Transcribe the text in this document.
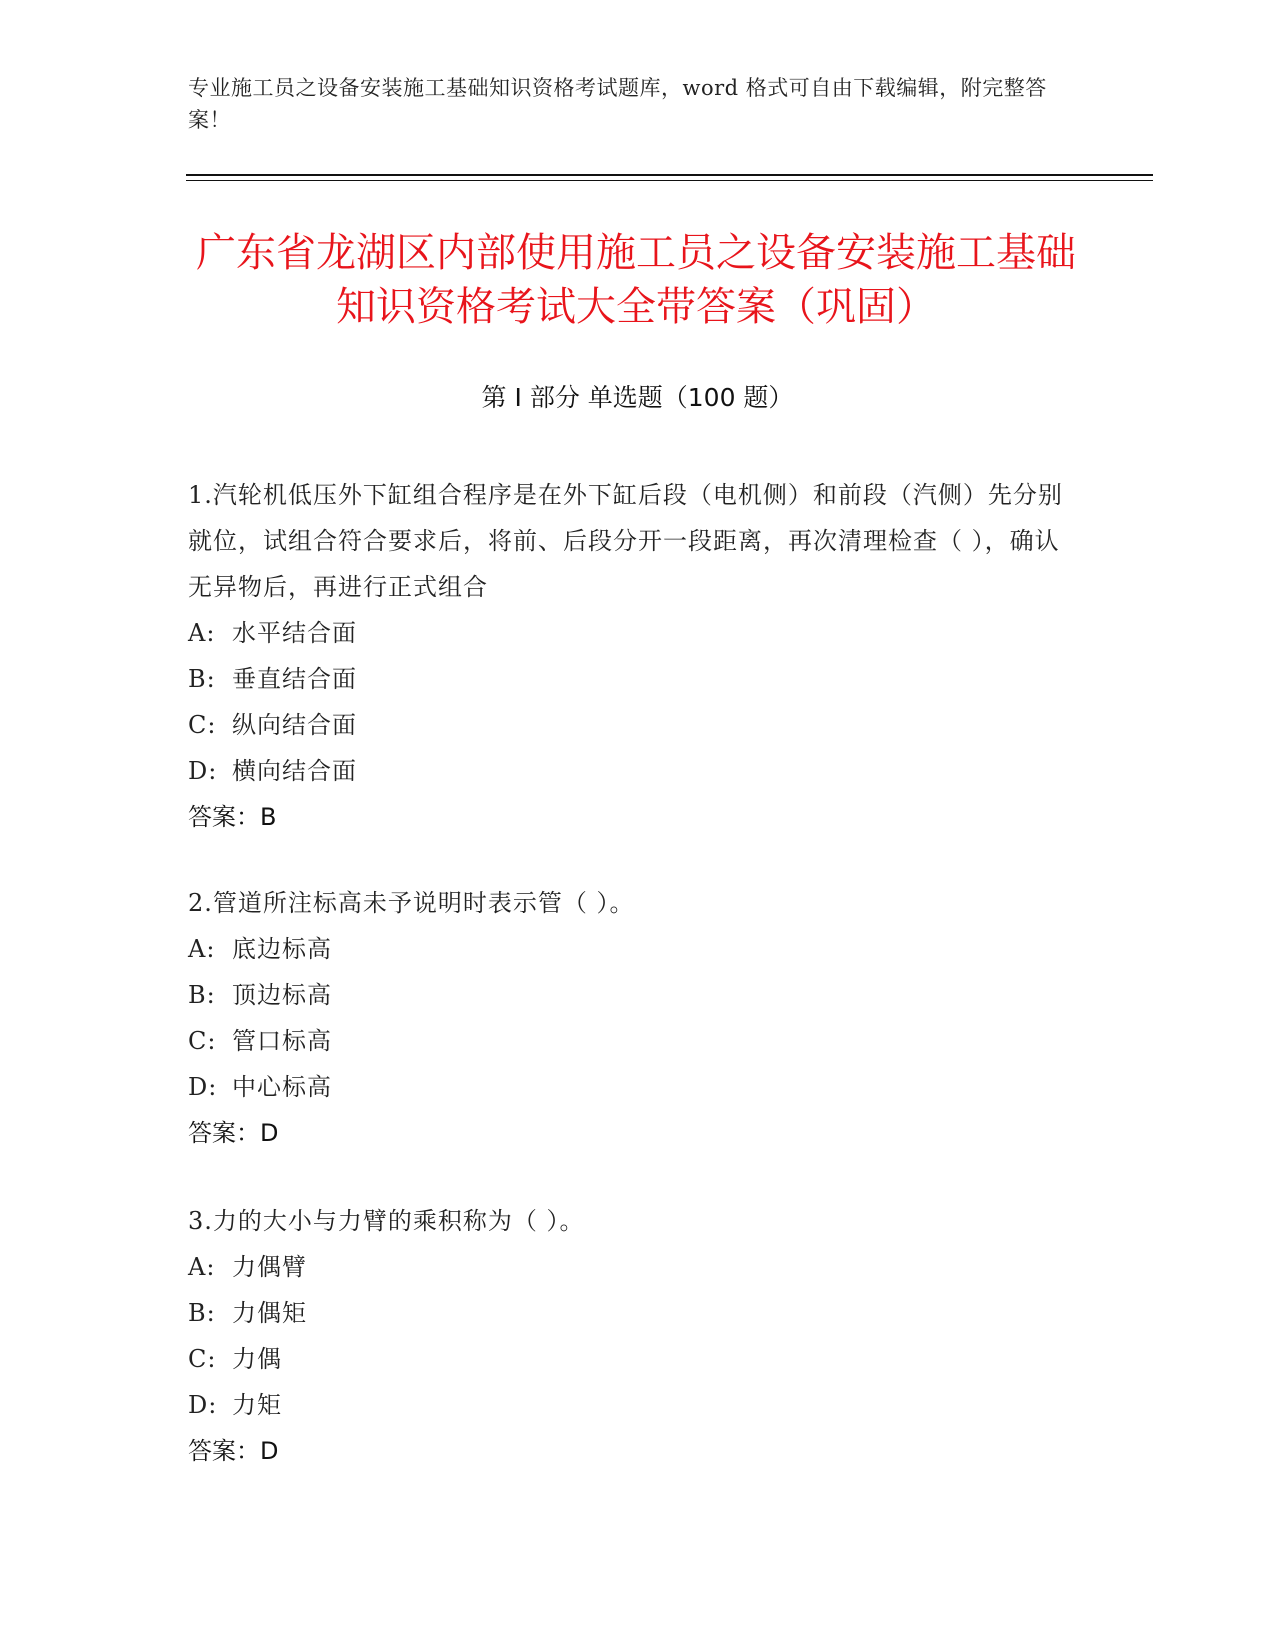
专业施工员之设备安装施工基础知识资格考试题库，word 格式可自由下载编辑，附完整答案！
广东省龙湖区内部使用施工员之设备安装施工基础知识资格考试大全带答案（巩固）
第 I 部分 单选题（100 题）

1.汽轮机低压外下缸组合程序是在外下缸后段（电机侧）和前段（汽侧）先分别就位，试组合符合要求后，将前、后段分开一段距离，再次清理检查（ ），确认无异物后，再进行正式组合

A: 水平结合面

B: 垂直结合面

C: 纵向结合面

D: 横向结合面

答案：B

2.管道所注标高未予说明时表示管（ ）。

A: 底边标高

B: 顶边标高

C: 管口标高

D: 中心标高

答案：D

3.力的大小与力臂的乘积称为（ ）。

A: 力偶臂

B: 力偶矩

C: 力偶

D: 力矩

答案：D
